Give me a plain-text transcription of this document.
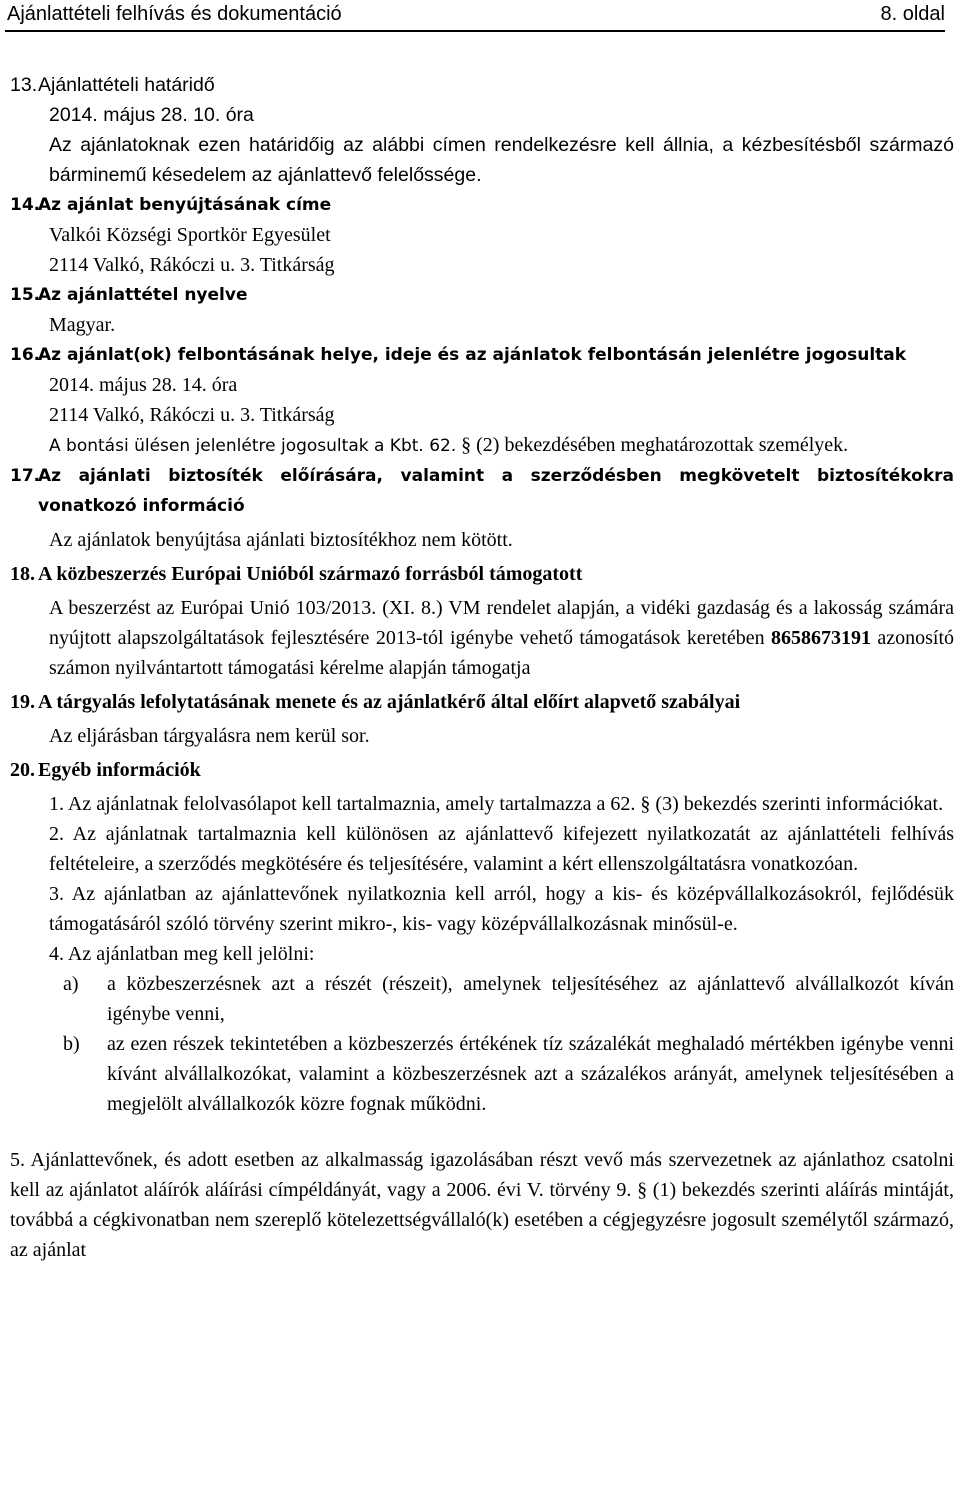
Ajánlattételi felhívás és dokumentáció	8. oldal
13.Ajánlattételi határidő
2014. május 28. 10. óra
Az ajánlatoknak ezen határidőig az alábbi címen rendelkezésre kell állnia, a kézbesítésből származó bárminemű késedelem az ajánlattevő felelőssége.
14.Az ajánlat benyújtásának címe
Valkói Községi Sportkör Egyesület
2114 Valkó, Rákóczi u. 3. Titkárság
15.Az ajánlattétel nyelve
Magyar.
16.Az ajánlat(ok) felbontásának helye, ideje és az ajánlatok felbontásán jelenlétre jogosultak
2014. május 28. 14. óra
2114 Valkó, Rákóczi u. 3. Titkárság
A bontási ülésen jelenlétre jogosultak a Kbt. 62. § (2) bekezdésében meghatározottak személyek.
17.Az ajánlati biztosíték előírására, valamint a szerződésben megkövetelt biztosítékokra vonatkozó információ
Az ajánlatok benyújtása ajánlati biztosítékhoz nem kötött.
18. A közbeszerzés Európai Unióból származó forrásból támogatott
A beszerzést az Európai Unió 103/2013. (XI. 8.) VM rendelet alapján, a vidéki gazdaság és a lakosság számára nyújtott alapszolgáltatások fejlesztésére 2013-tól igénybe vehető támogatások keretében 8658673191 azonosító számon nyilvántartott támogatási kérelme alapján támogatja
19. A tárgyalás lefolytatásának menete és az ajánlatkérő által előírt alapvető szabályai
Az eljárásban tárgyalásra nem kerül sor.
20. Egyéb információk
1. Az ajánlatnak felolvasólapot kell tartalmaznia, amely tartalmazza a 62. § (3) bekezdés szerinti információkat.
2. Az ajánlatnak tartalmaznia kell különösen az ajánlattevő kifejezett nyilatkozatát az ajánlattételi felhívás feltételeire, a szerződés megkötésére és teljesítésére, valamint a kért ellenszolgáltatásra vonatkozóan.
3. Az ajánlatban az ajánlattevőnek nyilatkoznia kell arról, hogy a kis- és középvállalkozásokról, fejlődésük támogatásáról szóló törvény szerint mikro-, kis- vagy középvállalkozásnak minősül-e.
4. Az ajánlatban meg kell jelölni:
a) a közbeszerzésnek azt a részét (részeit), amelynek teljesítéséhez az ajánlattevő alvállalkozót kíván igénybe venni,
b) az ezen részek tekintetében a közbeszerzés értékének tíz százalékát meghaladó mértékben igénybe venni kívánt alvállalkozókat, valamint a közbeszerzésnek azt a százalékos arányát, amelynek teljesítésében a megjelölt alvállalkozók közre fognak működni.
5. Ajánlattevőnek, és adott esetben az alkalmasság igazolásában részt vevő más szervezetnek az ajánlathoz csatolni kell az ajánlatot aláírók aláírási címpéldányát, vagy a 2006. évi V. törvény 9. § (1) bekezdés szerinti aláírás mintáját, továbbá a cégkivonatban nem szereplő kötelezettségvállaló(k) esetében a cégjegyzésre jogosult személytől származó, az ajánlat
